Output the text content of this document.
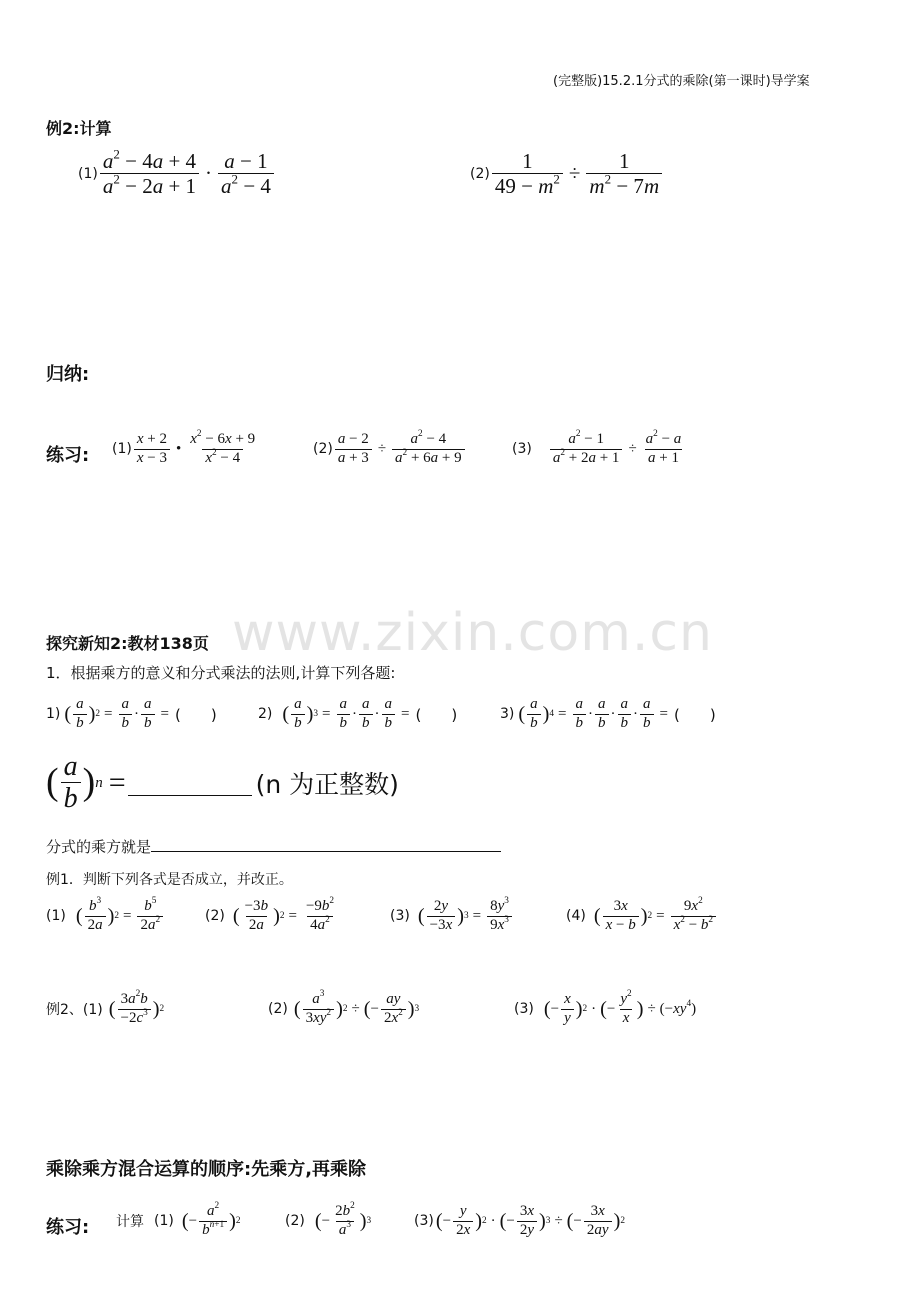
(完整版)15.2.1分式的乘除(第一课时)导学案
例2:计算
$(1) \frac{a^2 - 4a + 4}{a^2 - 2a + 1} \cdot \frac{a - 1}{a^2 - 4}$	$(2) \frac{1}{49 - m^2} \div \frac{1}{m^2 - 7m}$
归纳:
练习: $(1) \frac{x + 2}{x - 3}$ • $\frac{x^2 - 6x + 9}{x^2 - 4}$	$(2) \frac{a - 2}{a + 3} \div \frac{a^2 - 4}{a^2 + 6a + 9}$	$(3) \frac{a^2 - 1}{a^2 + 2a + 1} \div \frac{a^2 - a}{a + 1}$
www.zixin.com.cn
探究新知2:教材138页
1．根据乘方的意义和分式乘法的法则,计算下列各题:
1) ( $\frac{a}{b}$ ) $2 = \frac{a}{b} \cdot \frac{a}{b}$ = (　　)	2) ( $\frac{a}{b}$ ) $3 = \frac{a}{b} \cdot \frac{a}{b} \cdot \frac{a}{b}$ = (　　)	3) ( $\frac{a}{b}$ ) $4 = \frac{a}{b} \cdot \frac{a}{b} \cdot \frac{a}{b} \cdot \frac{a}{b}$ = (　　)
( $\frac{a}{b}$ ) n =	(n 为正整数)
分式的乘方就是
例1．判断下列各式是否成立，并改正。
(1) ( $\frac{b^3}{2a}$ ) $2 = \frac{b^5}{2a^2}$	(2) ( $\frac{-3b}{2a}$ ) $2 = \frac{-9b^2}{4a^2}$	(3) ( $\frac{2y}{-3x}$ ) $3 = \frac{8y^3}{9x^3}$	(4) ( $\frac{3x}{x - b}$ ) $2 = \frac{9x^2}{x^2 - b^2}$
例2、(1) ( $\frac{3a^2b}{-2c^3}$ ) 2	(2) ( $\frac{a^3}{3xy^2}$ ) 2 ÷ ( − $\frac{ay}{2x^2}$ ) 3	(3) ( − $\frac{x}{y}$ ) 2 · ( − $\frac{y^2}{x}$ ) ÷ $(-xy^4)$
乘除乘方混合运算的顺序:先乘方,再乘除
练习: 计算 (1) ( − $\frac{a^2}{b^{n+1}}$ ) 2	(2) ( − $\frac{2b^2}{a^3}$ ) 3	(3) ( − $\frac{y}{2x}$ ) 2 · ( − $\frac{3x}{2y}$ ) 3 ÷ ( − $\frac{3x}{2ay}$ ) 2
